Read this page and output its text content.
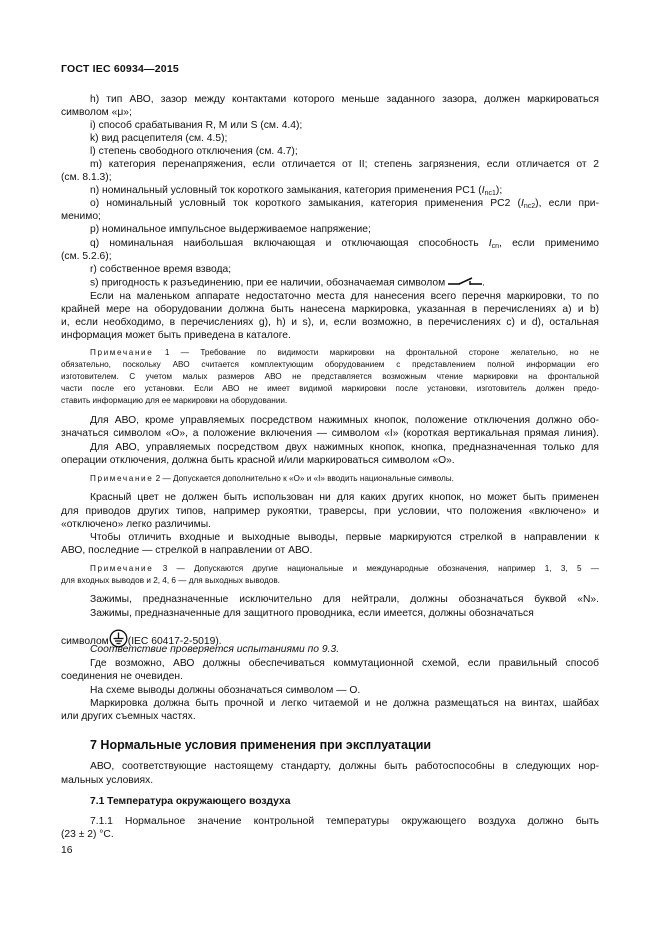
ГОСТ IEC 60934—2015
h) тип АВО, зазор между контактами которого меньше заданного зазора, должен маркироваться
символом «μ»;
i) способ срабатывания R, M или S (см. 4.4);
k) вид расцепителя (см. 4.5);
l) степень свободного отключения (см. 4.7);
m) категория перенапряжения, если отличается от II; степень загрязнения, если отличается от 2
(см. 8.1.3);
n) номинальный условный ток короткого замыкания, категория применения PC1 $(I_{nc1})$;
o) номинальный условный ток короткого замыкания, категория применения PC2 $(I_{nc2})$, если при-
менимо;
p) номинальное импульсное выдерживаемое напряжение;
q) номинальная наибольшая включающая и отключающая способность $I_{cn}$, если применимо
(см. 5.2.6);
r) собственное время взвода;
s) пригодность к разъединению, при ее наличии, обозначаемая символом	.
Если на маленьком аппарате недостаточно места для нанесения всего перечня маркировки, то по
крайней мере на оборудовании должна быть нанесена маркировка, указанная в перечислениях a) и b)
и, если необходимо, в перечислениях g), h) и s), и, если возможно, в перечислениях c) и d), остальная
информация может быть приведена в каталоге.
Примечание 1 — Требование по видимости маркировки на фронтальной стороне желательно, но не
обязательно, поскольку АВО считается комплектующим оборудованием с представлением полной информации его
изготовителем. С учетом малых размеров АВО не представляется возможным чтение маркировки на фронтальной
части после его установки. Если АВО не имеет видимой маркировки после установки, изготовитель должен предо-
ставить информацию для ее маркировки на оборудовании.
Для АВО, кроме управляемых посредством нажимных кнопок, положение отключения должно обо-
значаться символом «O», а положение включения — символом «I» (короткая вертикальная прямая линия).
Для АВО, управляемых посредством двух нажимных кнопок, кнопка, предназначенная только для
операции отключения, должна быть красной и/или маркироваться символом «O».
Примечание 2 — Допускается дополнительно к «O» и «I» вводить национальные символы.
Красный цвет не должен быть использован ни для каких других кнопок, но может быть применен
для приводов других типов, например рукоятки, траверсы, при условии, что положения «включено» и
«отключено» легко различимы.
Чтобы отличить входные и выходные выводы, первые маркируются стрелкой в направлении к
АВО, последние — стрелкой в направлении от АВО.
Примечание 3 — Допускаются другие национальные и международные обозначения, например 1, 3, 5 —
для входных выводов и 2, 4, 6 — для выходных выводов.
Зажимы, предназначенные исключительно для нейтрали, должны обозначаться буквой «N».
Зажимы, предназначенные для защитного проводника, если имеется, должны обозначаться
символом (IEC 60417-2-5019).
Соответствие проверяется испытаниями по 9.3.
Где возможно, АВО должны обеспечиваться коммутационной схемой, если правильный способ
соединения не очевиден.
На схеме выводы должны обозначаться символом — O.
Маркировка должна быть прочной и легко читаемой и не должна размещаться на винтах, шайбах
или других съемных частях.
7 Нормальные условия применения при эксплуатации
АВО, соответствующие настоящему стандарту, должны быть работоспособны в следующих нор-
мальных условиях.
7.1 Температура окружающего воздуха
7.1.1 Нормальное значение контрольной температуры окружающего воздуха должно быть
(23 ± 2) °C.
16
